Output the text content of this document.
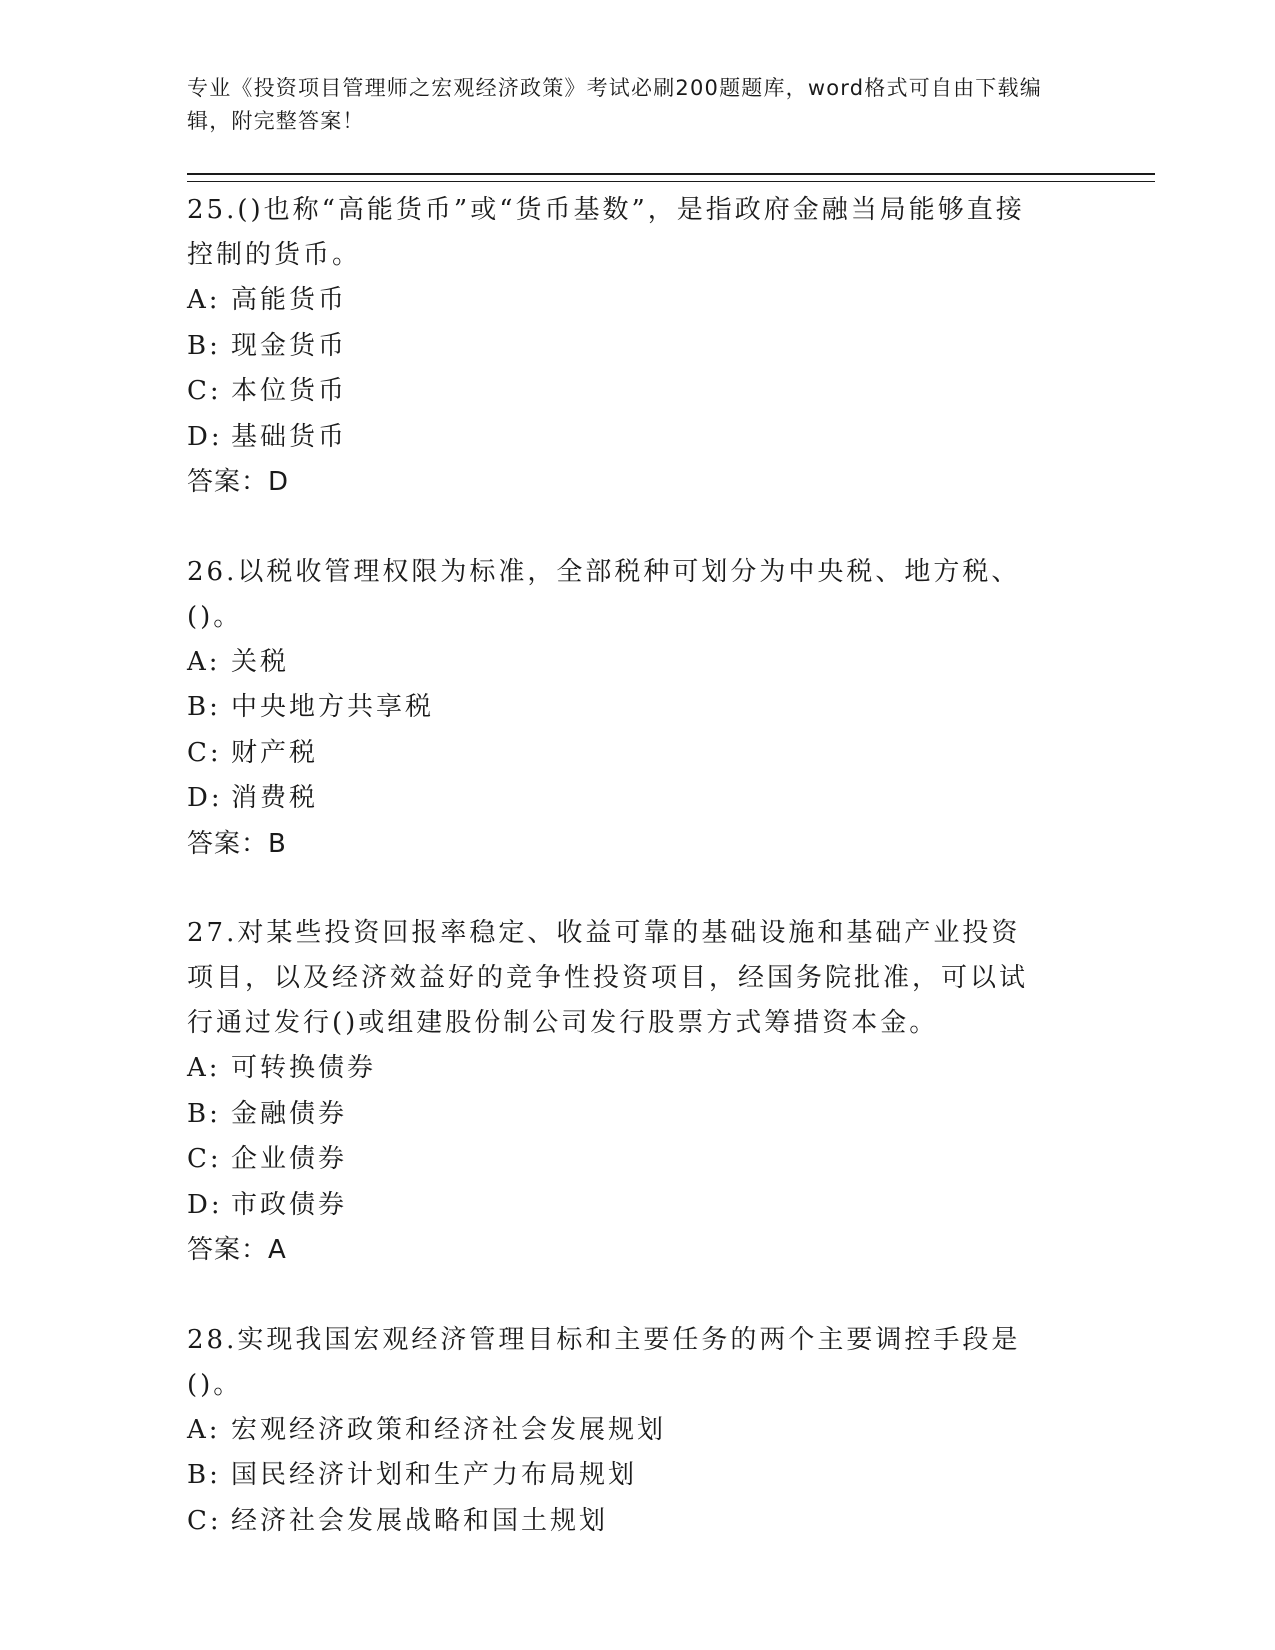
专业《投资项目管理师之宏观经济政策》考试必刷200题题库，word格式可自由下载编辑，附完整答案！

25.()也称“高能货币”或“货币基数”，是指政府金融当局能够直接控制的货币。

A: 高能货币
B: 现金货币
C: 本位货币
D: 基础货币
答案：D

26.以税收管理权限为标准，全部税种可划分为中央税、地方税、()。

A: 关税
B: 中央地方共享税
C: 财产税
D: 消费税
答案：B

27.对某些投资回报率稳定、收益可靠的基础设施和基础产业投资项目，以及经济效益好的竞争性投资项目，经国务院批准，可以试行通过发行()或组建股份制公司发行股票方式筹措资本金。

A: 可转换债券
B: 金融债券
C: 企业债券
D: 市政债券
答案：A

28.实现我国宏观经济管理目标和主要任务的两个主要调控手段是()。

A: 宏观经济政策和经济社会发展规划
B: 国民经济计划和生产力布局规划
C: 经济社会发展战略和国土规划
